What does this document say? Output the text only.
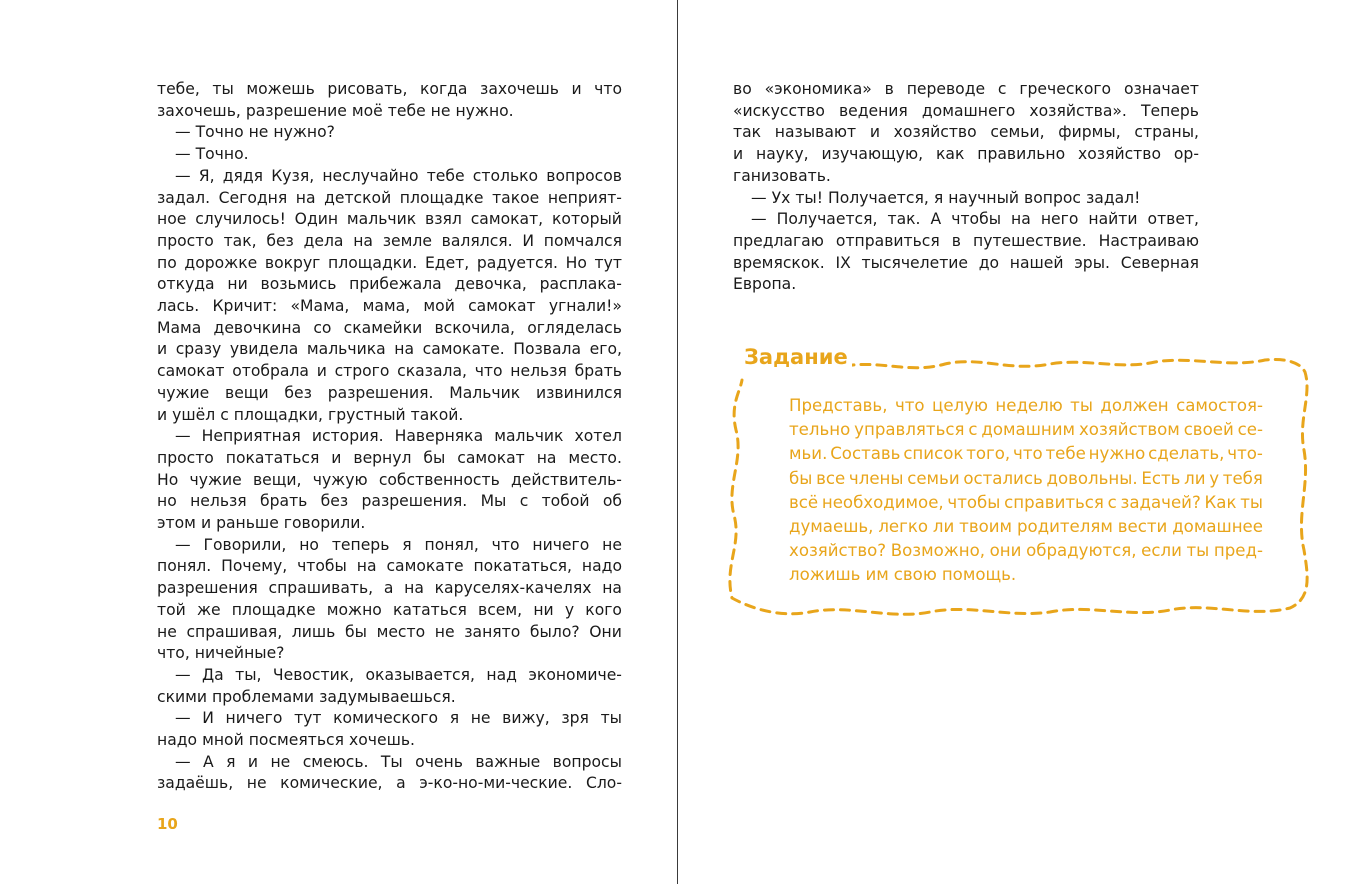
тебе, ты можешь рисовать, когда захочешь и что
захочешь, разрешение моё тебе не нужно.
— Точно не нужно?
— Точно.
— Я, дядя Кузя, неслучайно тебе столько вопросов
задал. Сегодня на детской площадке такое неприят-
ное случилось! Один мальчик взял самокат, который
просто так, без дела на земле валялся. И помчался
по дорожке вокруг площадки. Едет, радуется. Но тут
откуда ни возьмись прибежала девочка, расплака-
лась. Кричит: «Мама, мама, мой самокат угнали!»
Мама девочкина со скамейки вскочила, огляделась
и сразу увидела мальчика на самокате. Позвала его,
самокат отобрала и строго сказала, что нельзя брать
чужие вещи без разрешения. Мальчик извинился
и ушёл с площадки, грустный такой.
— Неприятная история. Наверняка мальчик хотел
просто покататься и вернул бы самокат на место.
Но чужие вещи, чужую собственность действитель-
но нельзя брать без разрешения. Мы с тобой об
этом и раньше говорили.
— Говорили, но теперь я понял, что ничего не
понял. Почему, чтобы на самокате покататься, надо
разрешения спрашивать, а на каруселях-качелях на
той же площадке можно кататься всем, ни у кого
не спрашивая, лишь бы место не занято было? Они
что, ничейные?
— Да ты, Чевостик, оказывается, над экономиче-
скими проблемами задумываешься.
— И ничего тут комического я не вижу, зря ты
надо мной посмеяться хочешь.
— А я и не смеюсь. Ты очень важные вопросы
задаёшь, не комические, а э-ко-но-ми-ческие. Сло-
10
во «экономика» в переводе с греческого означает
«искусство ведения домашнего хозяйства». Теперь
так называют и хозяйство семьи, фирмы, страны,
и науку, изучающую, как правильно хозяйство ор-
ганизовать.
— Ух ты! Получается, я научный вопрос задал!
— Получается, так. А чтобы на него найти ответ,
предлагаю отправиться в путешествие. Настраиваю
времяскок. IX тысячелетие до нашей эры. Северная
Европа.
Задание
Представь, что целую неделю ты должен самостоя-
тельно управляться с домашним хозяйством своей се-
мьи. Составь список того, что тебе нужно сделать, что-
бы все члены семьи остались довольны. Есть ли у тебя
всё необходимое, чтобы справиться с задачей? Как ты
думаешь, легко ли твоим родителям вести домашнее
хозяйство? Возможно, они обрадуются, если ты пред-
ложишь им свою помощь.
